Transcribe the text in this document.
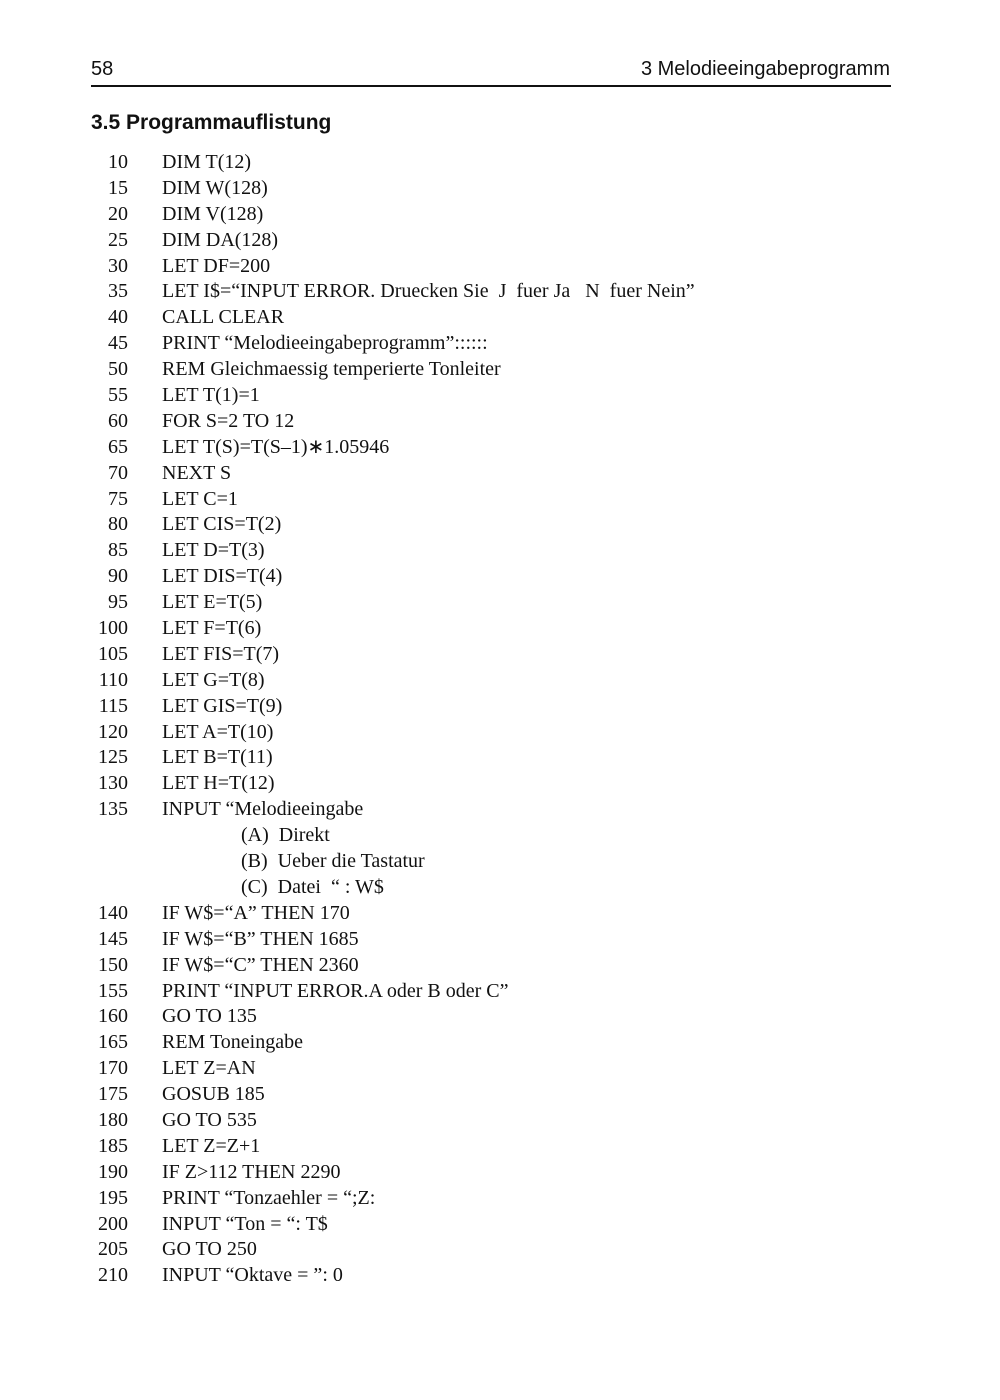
58	3 Melodieeingabeprogramm
3.5 Programmauflistung
10 DIM T(12)
15 DIM W(128)
20 DIM V(128)
25 DIM DA(128)
30 LET DF=200
35 LET I$=“INPUT ERROR. Druecken Sie  J  fuer Ja   N  fuer Nein”
40 CALL CLEAR
45 PRINT “Melodieeingabeprogramm”::::::
50 REM Gleichmaessig temperierte Tonleiter
55 LET T(1)=1
60 FOR S=2 TO 12
65 LET T(S)=T(S–1)∗1.05946
70 NEXT S
75 LET C=1
80 LET CIS=T(2)
85 LET D=T(3)
90 LET DIS=T(4)
95 LET E=T(5)
100 LET F=T(6)
105 LET FIS=T(7)
110 LET G=T(8)
115 LET GIS=T(9)
120 LET A=T(10)
125 LET B=T(11)
130 LET H=T(12)
135 INPUT “Melodieeingabe
(A)  Direkt
(B)  Ueber die Tastatur
(C)  Datei  “ : W$
140 IF W$=“A” THEN 170
145 IF W$=“B” THEN 1685
150 IF W$=“C” THEN 2360
155 PRINT “INPUT ERROR.A oder B oder C”
160 GO TO 135
165 REM Toneingabe
170 LET Z=AN
175 GOSUB 185
180 GO TO 535
185 LET Z=Z+1
190 IF Z>112 THEN 2290
195 PRINT “Tonzaehler = “;Z:
200 INPUT “Ton = “: T$
205 GO TO 250
210 INPUT “Oktave = ”: 0
